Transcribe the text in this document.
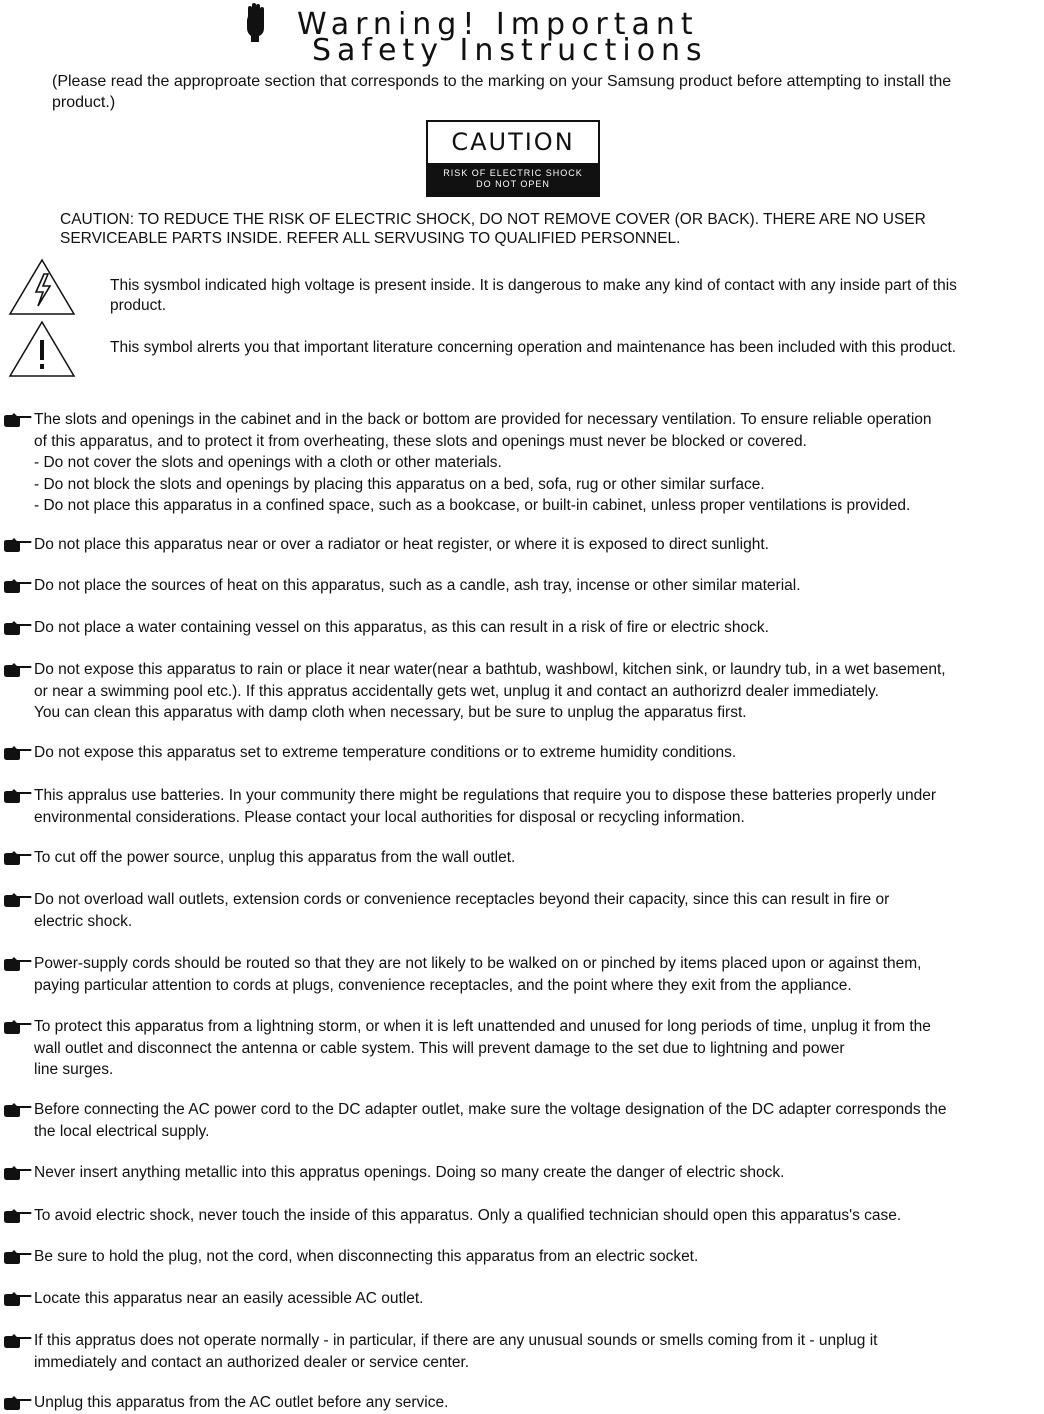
Warning! Important
Safety Instructions
(Please read the approproate section that corresponds to the marking on your Samsung product before attempting to install the product.)
CAUTION
RISK OF ELECTRIC SHOCK
DO NOT OPEN
CAUTION: TO REDUCE THE RISK OF ELECTRIC SHOCK, DO NOT REMOVE COVER (OR BACK). THERE ARE NO USER SERVICEABLE PARTS INSIDE. REFER ALL SERVUSING TO QUALIFIED PERSONNEL.
This sysmbol indicated high voltage is present inside. It is dangerous to make any kind of contact with any inside part of this product.
This symbol alrerts you that important literature concerning operation and maintenance has been included with this product.
The slots and openings in the cabinet and in the back or bottom are provided for necessary ventilation. To ensure reliable operation
of this apparatus, and to protect it from overheating, these slots and openings must never be blocked or covered.
- Do not cover the slots and openings with a cloth or other materials.
- Do not block the slots and openings by placing this apparatus on a bed, sofa, rug or other similar surface.
- Do not place this apparatus in a confined space, such as a bookcase, or built-in cabinet, unless proper ventilations is provided.
Do not place this apparatus near or over a radiator or heat register, or where it is exposed to direct sunlight.
Do not place the sources of heat on this apparatus, such as a candle, ash tray, incense or other similar material.
Do not place a water containing vessel on this apparatus, as this can result in a risk of fire or electric shock.
Do not expose this apparatus to rain or place it near water(near a bathtub, washbowl, kitchen sink, or laundry tub, in a wet basement,
or near a swimming pool etc.). If this appratus accidentally gets wet, unplug it and contact an authorizrd dealer immediately.
You can clean this apparatus with damp cloth when necessary, but be sure to unplug the apparatus first.
Do not expose this apparatus set to extreme temperature conditions or to extreme humidity conditions.
This appralus use batteries. In your community there might be regulations that require you to dispose these batteries properly under
environmental considerations. Please contact your local authorities for disposal or recycling information.
To cut off the power source, unplug this apparatus from the wall outlet.
Do not overload wall outlets, extension cords or convenience receptacles beyond their capacity, since this can result in fire or
electric shock.
Power-supply cords should be routed so that they are not likely to be walked on or pinched by items placed upon or against them,
paying particular attention to cords at plugs, convenience receptacles, and the point where they exit from the appliance.
To protect this apparatus from a lightning storm, or when it is left unattended and unused for long periods of time, unplug it from the
wall outlet and disconnect the antenna or cable system. This will prevent damage to the set due to lightning and power
line surges.
Before connecting the AC power cord to the DC adapter outlet, make sure the voltage designation of the DC adapter corresponds the
the local electrical supply.
Never insert anything metallic into this appratus openings. Doing so many create the danger of electric shock.
To avoid electric shock, never touch the inside of this apparatus. Only a qualified technician should open this apparatus's case.
Be sure to hold the plug, not the cord, when disconnecting this apparatus from an electric socket.
Locate this apparatus near an easily acessible AC outlet.
If this appratus does not operate normally - in particular, if there are any unusual sounds or smells coming from it - unplug it
immediately and contact an authorized dealer or service center.
Unplug this apparatus from the AC outlet before any service.
